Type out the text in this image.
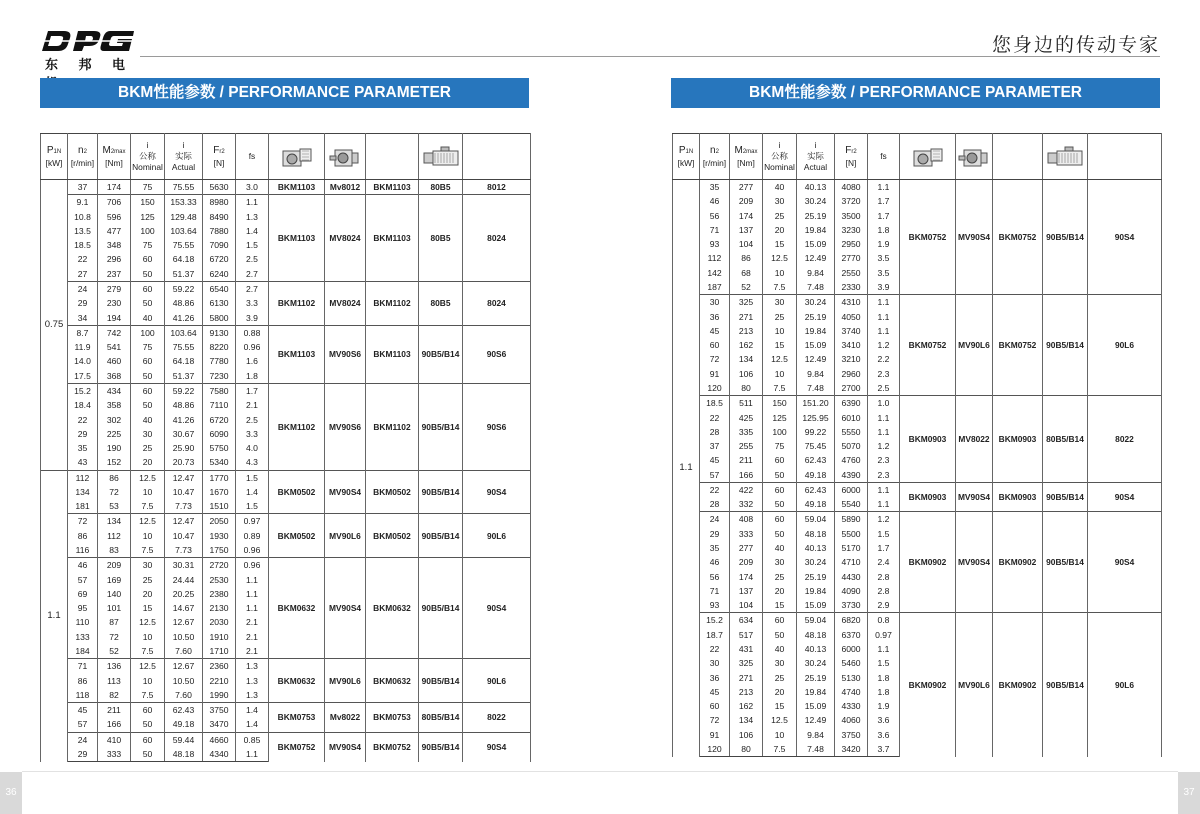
东 邦 电
您身边的传动专家
BKM性能参数 / PERFORMANCE PARAMETER	BKM性能参数 / PERFORMANCE PARAMETER
P1N
[kW]	n2
[r/min]	M2max
[Nm]	i
公称
Nominal	i
实际
Actual	Fr2
[N]	fs					
0.75	37	174	75	75.55	5630	3.0	BKM1103	Mv8012	BKM1103	80B5	8012
	9.1	706	150	153.33	8980	1.1	BKM1103	MV8024	BKM1103	80B5	8024
	10.8	596	125	129.48	8490	1.3					
	13.5	477	100	103.64	7880	1.4					
	18.5	348	75	75.55	7090	1.5					
	22	296	60	64.18	6720	2.5					
	27	237	50	51.37	6240	2.7					
	24	279	60	59.22	6540	2.7	BKM1102	MV8024	BKM1102	80B5	8024
	29	230	50	48.86	6130	3.3					
	34	194	40	41.26	5800	3.9					
	8.7	742	100	103.64	9130	0.88	BKM1103	MV90S6	BKM1103	90B5/B14	90S6
	11.9	541	75	75.55	8220	0.96					
	14.0	460	60	64.18	7780	1.6					
	17.5	368	50	51.37	7230	1.8					
	15.2	434	60	59.22	7580	1.7	BKM1102	MV90S6	BKM1102	90B5/B14	90S6
	18.4	358	50	48.86	7110	2.1					
	22	302	40	41.26	6720	2.5					
	29	225	30	30.67	6090	3.3					
	35	190	25	25.90	5750	4.0					
	43	152	20	20.73	5340	4.3					
1.1	112	86	12.5	12.47	1770	1.5	BKM0502	MV90S4	BKM0502	90B5/B14	90S4
	134	72	10	10.47	1670	1.4					
	181	53	7.5	7.73	1510	1.5					
	72	134	12.5	12.47	2050	0.97	BKM0502	MV90L6	BKM0502	90B5/B14	90L6
	86	112	10	10.47	1930	0.89					
	116	83	7.5	7.73	1750	0.96					
	46	209	30	30.31	2720	0.96	BKM0632	MV90S4	BKM0632	90B5/B14	90S4
	57	169	25	24.44	2530	1.1					
	69	140	20	20.25	2380	1.1					
	95	101	15	14.67	2130	1.1					
	110	87	12.5	12.67	2030	2.1					
	133	72	10	10.50	1910	2.1					
	184	52	7.5	7.60	1710	2.1					
	71	136	12.5	12.67	2360	1.3	BKM0632	MV90L6	BKM0632	90B5/B14	90L6
	86	113	10	10.50	2210	1.3					
	118	82	7.5	7.60	1990	1.3					
	45	211	60	62.43	3750	1.4	BKM0753	Mv8022	BKM0753	80B5/B14	8022
	57	166	50	49.18	3470	1.4					
	24	410	60	59.44	4660	0.85	BKM0752	MV90S4	BKM0752	90B5/B14	90S4
	29	333	50	48.18	4340	1.1					
P1N
[kW]	n2
[r/min]	M2max
[Nm]	i
公称
Nominal	i
实际
Actual	Fr2
[N]	fs					
1.1	35	277	40	40.13	4080	1.1	BKM0752	MV90S4	BKM0752	90B5/B14	90S4
	46	209	30	30.24	3720	1.7					
	56	174	25	25.19	3500	1.7					
	71	137	20	19.84	3230	1.8					
	93	104	15	15.09	2950	1.9					
	112	86	12.5	12.49	2770	3.5					
	142	68	10	9.84	2550	3.5					
	187	52	7.5	7.48	2330	3.9					
	30	325	30	30.24	4310	1.1	BKM0752	MV90L6	BKM0752	90B5/B14	90L6
	36	271	25	25.19	4050	1.1					
	45	213	10	19.84	3740	1.1					
	60	162	15	15.09	3410	1.2					
	72	134	12.5	12.49	3210	2.2					
	91	106	10	9.84	2960	2.3					
	120	80	7.5	7.48	2700	2.5					
	18.5	511	150	151.20	6390	1.0	BKM0903	MV8022	BKM0903	80B5/B14	8022
	22	425	125	125.95	6010	1.1					
	28	335	100	99.22	5550	1.1					
	37	255	75	75.45	5070	1.2					
	45	211	60	62.43	4760	2.3					
	57	166	50	49.18	4390	2.3					
	22	422	60	62.43	6000	1.1	BKM0903	MV90S4	BKM0903	90B5/B14	90S4
	28	332	50	49.18	5540	1.1					
	24	408	60	59.04	5890	1.2	BKM0902	MV90S4	BKM0902	90B5/B14	90S4
	29	333	50	48.18	5500	1.5					
	35	277	40	40.13	5170	1.7					
	46	209	30	30.24	4710	2.4					
	56	174	25	25.19	4430	2.8					
	71	137	20	19.84	4090	2.8					
	93	104	15	15.09	3730	2.9					
	15.2	634	60	59.04	6820	0.8	BKM0902	MV90L6	BKM0902	90B5/B14	90L6
	18.7	517	50	48.18	6370	0.97					
	22	431	40	40.13	6000	1.1					
	30	325	30	30.24	5460	1.5					
	36	271	25	25.19	5130	1.8					
	45	213	20	19.84	4740	1.8					
	60	162	15	15.09	4330	1.9					
	72	134	12.5	12.49	4060	3.6					
	91	106	10	9.84	3750	3.6					
	120	80	7.5	7.48	3420	3.7					
36	37
